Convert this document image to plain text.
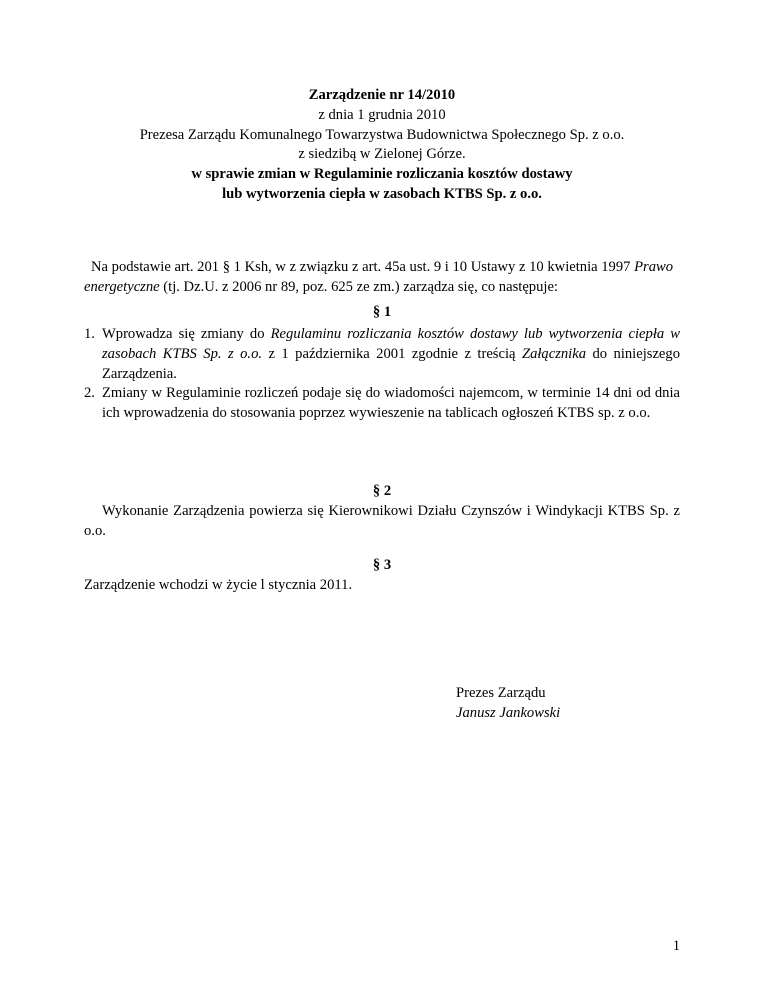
Zarządzenie nr 14/2010
z dnia 1 grudnia 2010
Prezesa Zarządu Komunalnego Towarzystwa Budownictwa Społecznego Sp. z o.o.
z siedzibą w Zielonej Górze.
w sprawie zmian w Regulaminie rozliczania kosztów dostawy
lub wytworzenia ciepła w zasobach KTBS Sp. z o.o.
Na podstawie art. 201 § 1 Ksh, w z związku z art. 45a ust. 9 i 10 Ustawy z 10 kwietnia 1997 Prawo energetyczne (tj. Dz.U. z 2006 nr 89, poz. 625 ze zm.) zarządza się, co następuje:
§ 1
1. Wprowadza się zmiany do Regulaminu rozliczania kosztów dostawy lub wytworzenia ciepła w zasobach KTBS Sp. z o.o. z 1 października 2001 zgodnie z treścią Załącznika do niniejszego Zarządzenia.
2. Zmiany w Regulaminie rozliczeń podaje się do wiadomości najemcom, w terminie 14 dni od dnia ich wprowadzenia do stosowania poprzez wywieszenie na tablicach ogłoszeń KTBS sp. z o.o.
§ 2
Wykonanie Zarządzenia powierza się Kierownikowi Działu Czynszów i Windykacji KTBS Sp. z o.o.
§ 3
Zarządzenie wchodzi w życie l stycznia 2011.
Prezes Zarządu
Janusz Jankowski
1
